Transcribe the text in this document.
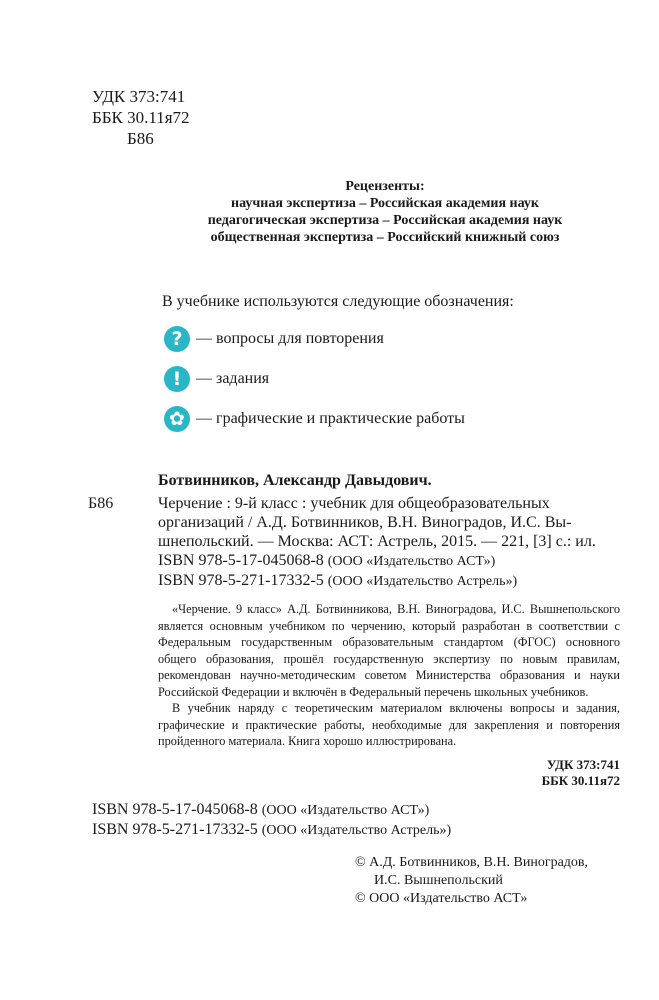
УДК 373:741
ББК 30.11я72
Б86
Рецензенты:
научная экспертиза – Российская академия наук
педагогическая экспертиза – Российская академия наук
общественная экспертиза – Российский книжный союз
В учебнике используются следующие обозначения:
? — вопросы для повторения
! — задания
✿ — графические и практические работы
Ботвинников, Александр Давыдович.
Б86	Черчение : 9-й класс : учебник для общеобразовательных
организаций / А.Д. Ботвинников, В.Н. Виноградов, И.С. Вы-
шнепольский. — Москва: АСТ: Астрель, 2015. — 221, [3] с.: ил.
ISBN 978-5-17-045068-8 (ООО «Издательство АСТ»)
ISBN 978-5-271-17332-5 (ООО «Издательство Астрель»)

«Черчение. 9 класс» А.Д. Ботвинникова, В.Н. Виноградова, И.С. Вышнепольского является основным учебником по черчению, который разработан в соответствии с Федеральным государственным образовательным стандартом (ФГОС) основного общего образования, прошёл государственную экспертизу по новым правилам, рекомендован научно-методическим советом Министерства образования и науки Российской Федерации и включён в Федеральный перечень школьных учебников.

В учебник наряду с теоретическим материалом включены вопросы и задания, графические и практические работы, необходимые для закрепления и повторения пройденного материала. Книга хорошо иллюстрирована.

УДК 373:741
ББК 30.11я72
ISBN 978-5-17-045068-8 (ООО «Издательство АСТ»)
ISBN 978-5-271-17332-5 (ООО «Издательство Астрель»)
© А.Д. Ботвинников, В.Н. Виноградов,
И.С. Вышнепольский
© ООО «Издательство АСТ»
